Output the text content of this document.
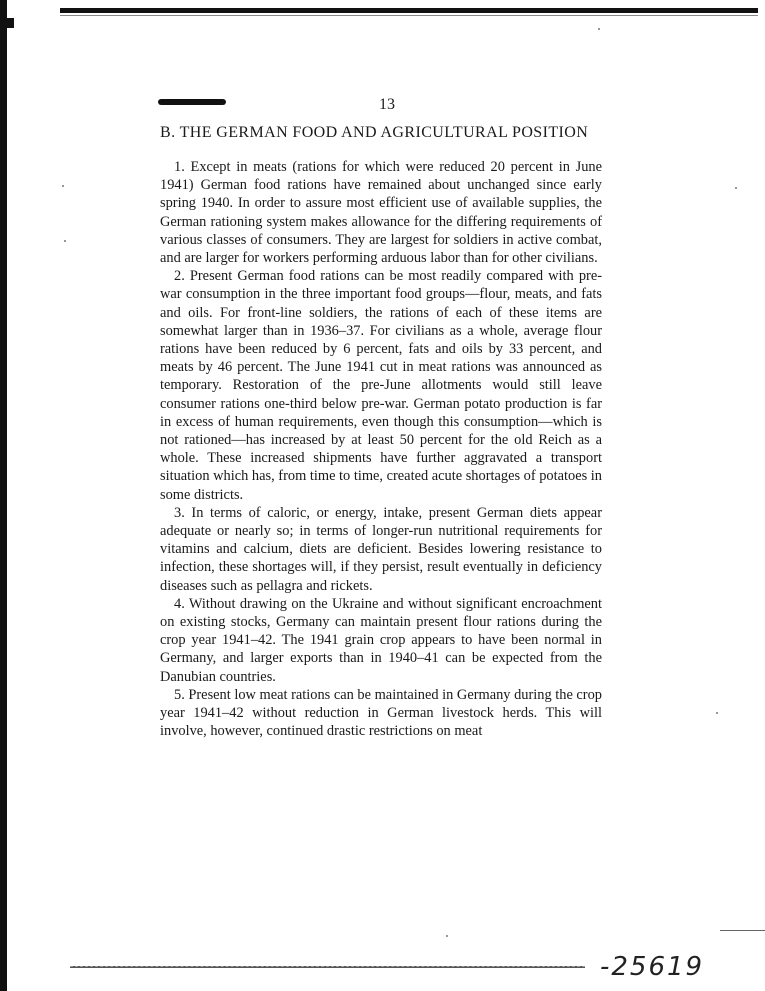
13
B. THE GERMAN FOOD AND AGRICULTURAL POSITION

1. Except in meats (rations for which were reduced 20 percent in June 1941) German food rations have remained about unchanged since early spring 1940. In order to assure most efficient use of available supplies, the German rationing system makes allowance for the differing requirements of various classes of consumers. They are largest for soldiers in active combat, and are larger for workers performing arduous labor than for other civilians.

2. Present German food rations can be most readily compared with pre-war consumption in the three important food groups—flour, meats, and fats and oils. For front-line soldiers, the rations of each of these items are somewhat larger than in 1936–37. For civilians as a whole, average flour rations have been reduced by 6 percent, fats and oils by 33 percent, and meats by 46 percent. The June 1941 cut in meat rations was announced as temporary. Restoration of the pre-June allotments would still leave consumer rations one-third below pre-war. German potato production is far in excess of human requirements, even though this consumption—which is not rationed—has increased by at least 50 percent for the old Reich as a whole. These increased shipments have further aggravated a transport situation which has, from time to time, created acute shortages of potatoes in some districts.

3. In terms of caloric, or energy, intake, present German diets appear adequate or nearly so; in terms of longer-run nutritional requirements for vitamins and calcium, diets are deficient. Besides lowering resistance to infection, these shortages will, if they persist, result eventually in deficiency diseases such as pellagra and rickets.

4. Without drawing on the Ukraine and without significant encroachment on existing stocks, Germany can maintain present flour rations during the crop year 1941–42. The 1941 grain crop appears to have been normal in Germany, and larger exports than in 1940–41 can be expected from the Danubian countries.

5. Present low meat rations can be maintained in Germany during the crop year 1941–42 without reduction in German livestock herds. This will involve, however, continued drastic restrictions on meat

-25619
